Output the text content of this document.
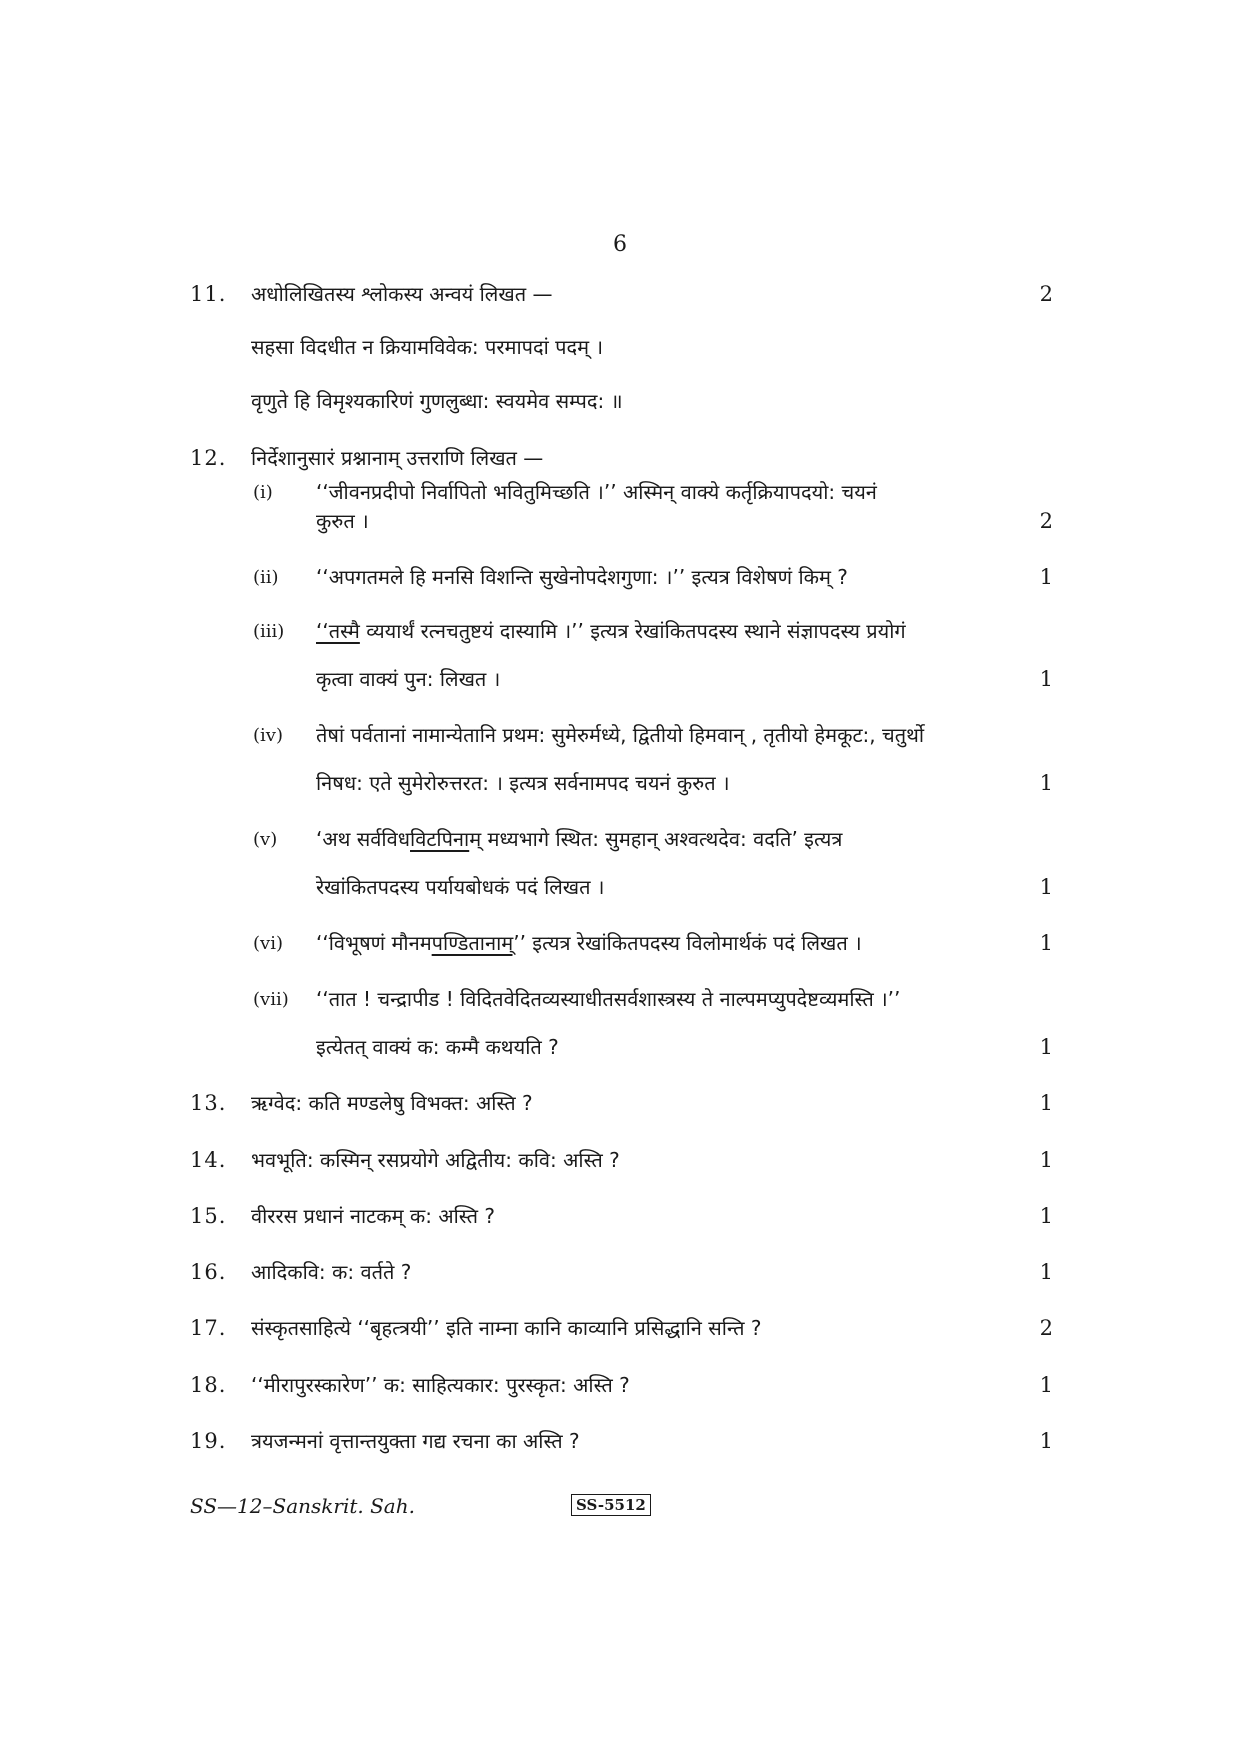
6
11. अधोलिखितस्य श्लोकस्य अन्वयं लिखत —	2
सहसा विदधीत न क्रियामविवेक: परमापदां पदम् ।
वृणुते हि विमृश्यकारिणं गुणलुब्धा: स्वयमेव सम्पद: ॥
12. निर्देशानुसारं प्रश्नानाम् उत्तराणि लिखत —
(i) ‘‘जीवनप्रदीपो निर्वापितो भवितुमिच्छति ।’’ अस्मिन् वाक्ये कर्तृक्रियापदयो: चयनं
कुरुत ।	2
(ii) ‘‘अपगतमले हि मनसि विशन्ति सुखेनोपदेशगुणा: ।’’ इत्यत्र विशेषणं किम् ?	1
(iii) ‘‘तस्मै व्ययार्थं रत्नचतुष्टयं दास्यामि ।’’ इत्यत्र रेखांकितपदस्य स्थाने संज्ञापदस्य प्रयोगं
कृत्वा वाक्यं पुन: लिखत ।	1
(iv) तेषां पर्वतानां नामान्येतानि प्रथम: सुमेरुर्मध्ये, द्वितीयो हिमवान् , तृतीयो हेमकूट:, चतुर्थो
निषध: एते सुमेरोरुत्तरत: । इत्यत्र सर्वनामपद चयनं कुरुत ।	1
(v) ‘अथ सर्वविधविटपिनाम् मध्यभागे स्थित: सुमहान् अश्वत्थदेव: वदति’ इत्यत्र
रेखांकितपदस्य पर्यायबोधकं पदं लिखत ।	1
(vi) ‘‘विभूषणं मौनमपण्डितानाम्’’ इत्यत्र रेखांकितपदस्य विलोमार्थकं पदं लिखत ।	1
(vii) ‘‘तात ! चन्द्रापीड ! विदितवेदितव्यस्याधीतसर्वशास्त्रस्य ते नाल्पमप्युपदेष्टव्यमस्ति ।’’
इत्येतत् वाक्यं क: कम्मै कथयति ?	1
13. ऋग्वेद: कति मण्डलेषु विभक्त: अस्ति ?	1
14. भवभूति: कस्मिन् रसप्रयोगे अद्वितीय: कवि: अस्ति ?	1
15. वीररस प्रधानं नाटकम् क: अस्ति ?	1
16. आदिकवि: क: वर्तते ?	1
17. संस्कृतसाहित्ये ‘‘बृहत्त्रयी’’ इति नाम्ना कानि काव्यानि प्रसिद्धानि सन्ति ?	2
18. ‘‘मीरापुरस्कारेण’’ क: साहित्यकार: पुरस्कृत: अस्ति ?	1
19. त्रयजन्मनां वृत्तान्तयुक्ता गद्य रचना का अस्ति ?	1
SS—12–Sanskrit. Sah.	SS-5512
